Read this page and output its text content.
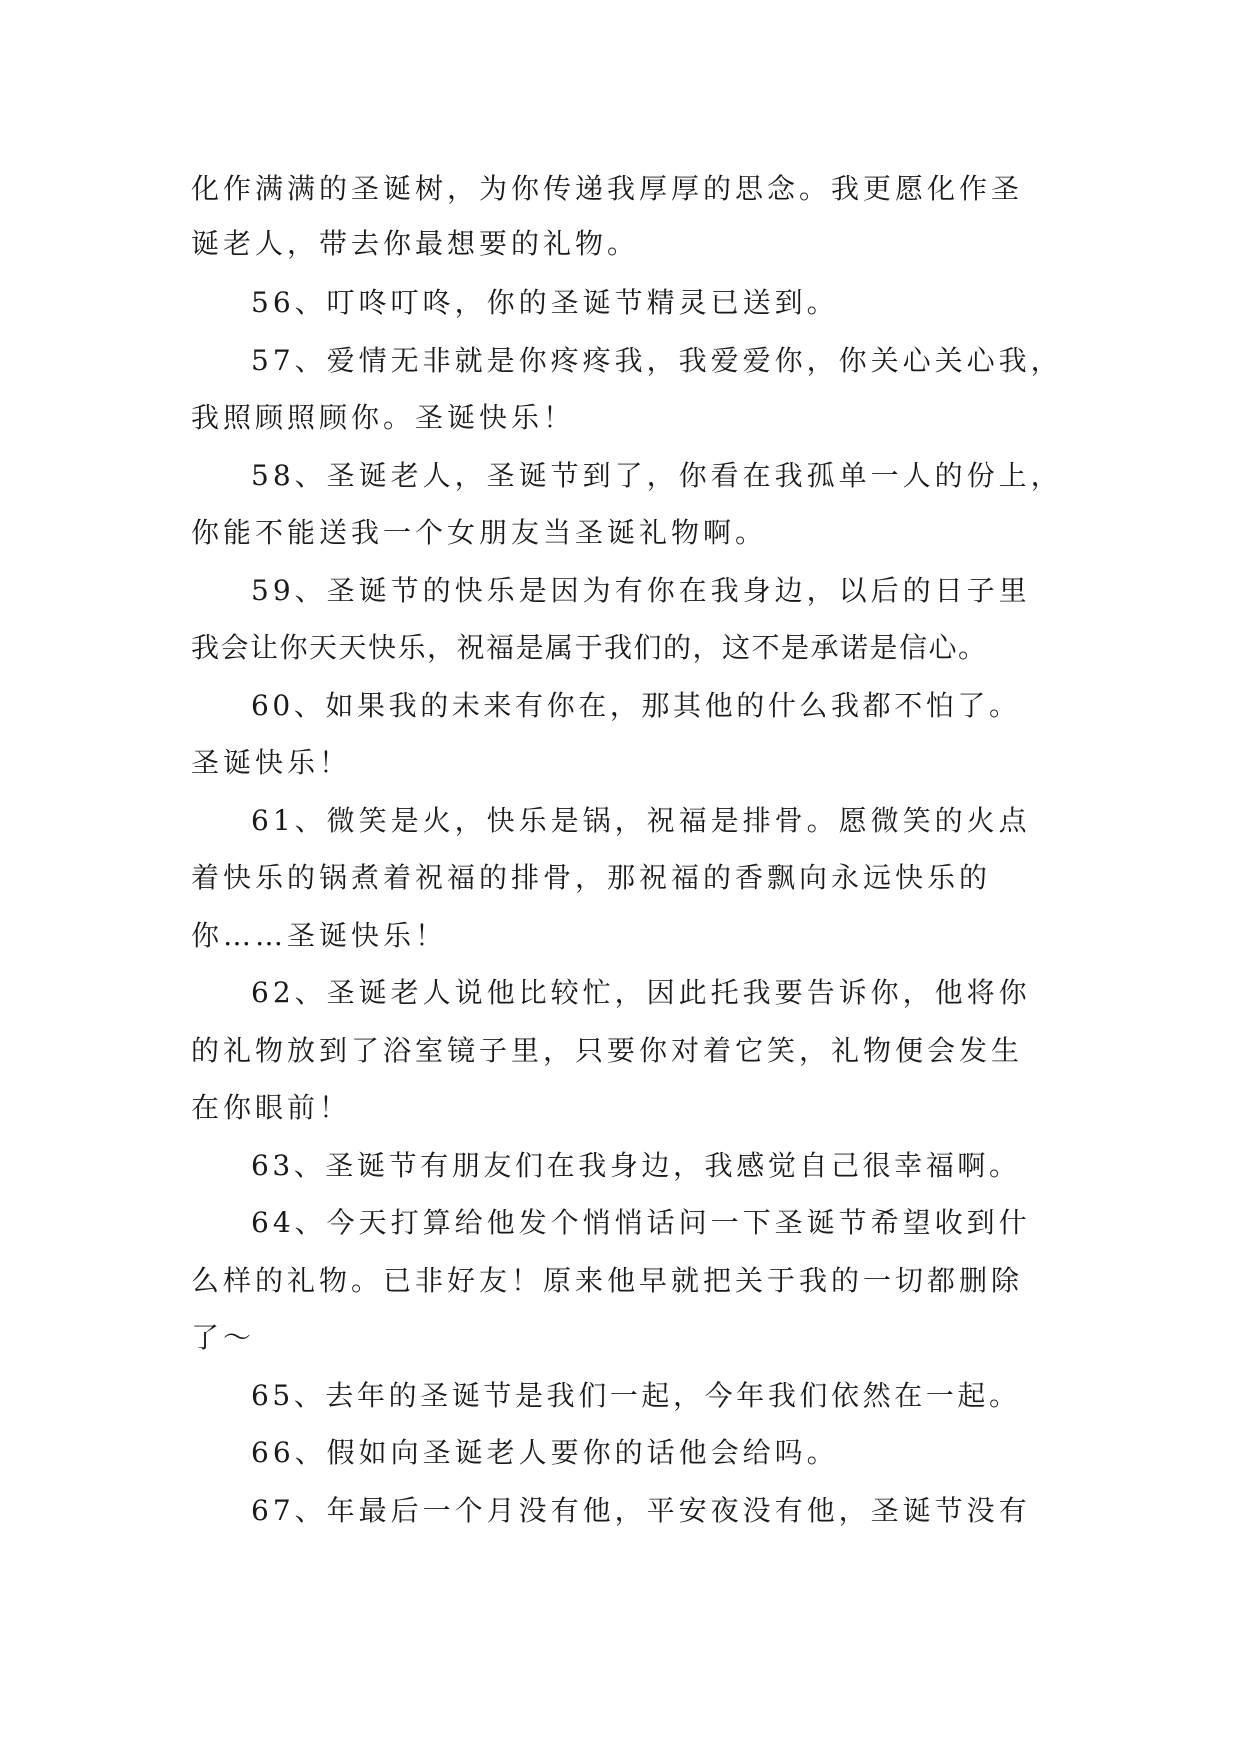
化作满满的圣诞树，为你传递我厚厚的思念。我更愿化作圣
诞老人，带去你最想要的礼物。
56、叮咚叮咚，你的圣诞节精灵已送到。
57、爱情无非就是你疼疼我，我爱爱你，你关心关心我，
我照顾照顾你。圣诞快乐！
58、圣诞老人，圣诞节到了，你看在我孤单一人的份上，
你能不能送我一个女朋友当圣诞礼物啊。
59、圣诞节的快乐是因为有你在我身边，以后的日子里
我会让你天天快乐，祝福是属于我们的，这不是承诺是信心。
60、如果我的未来有你在，那其他的什么我都不怕了。
圣诞快乐！
61、微笑是火，快乐是锅，祝福是排骨。愿微笑的火点
着快乐的锅煮着祝福的排骨，那祝福的香飘向永远快乐的
你……圣诞快乐！
62、圣诞老人说他比较忙，因此托我要告诉你，他将你
的礼物放到了浴室镜子里，只要你对着它笑，礼物便会发生
在你眼前！
63、圣诞节有朋友们在我身边，我感觉自己很幸福啊。
64、今天打算给他发个悄悄话问一下圣诞节希望收到什
么样的礼物。已非好友！原来他早就把关于我的一切都删除
了～
65、去年的圣诞节是我们一起，今年我们依然在一起。
66、假如向圣诞老人要你的话他会给吗。
67、年最后一个月没有他，平安夜没有他，圣诞节没有
